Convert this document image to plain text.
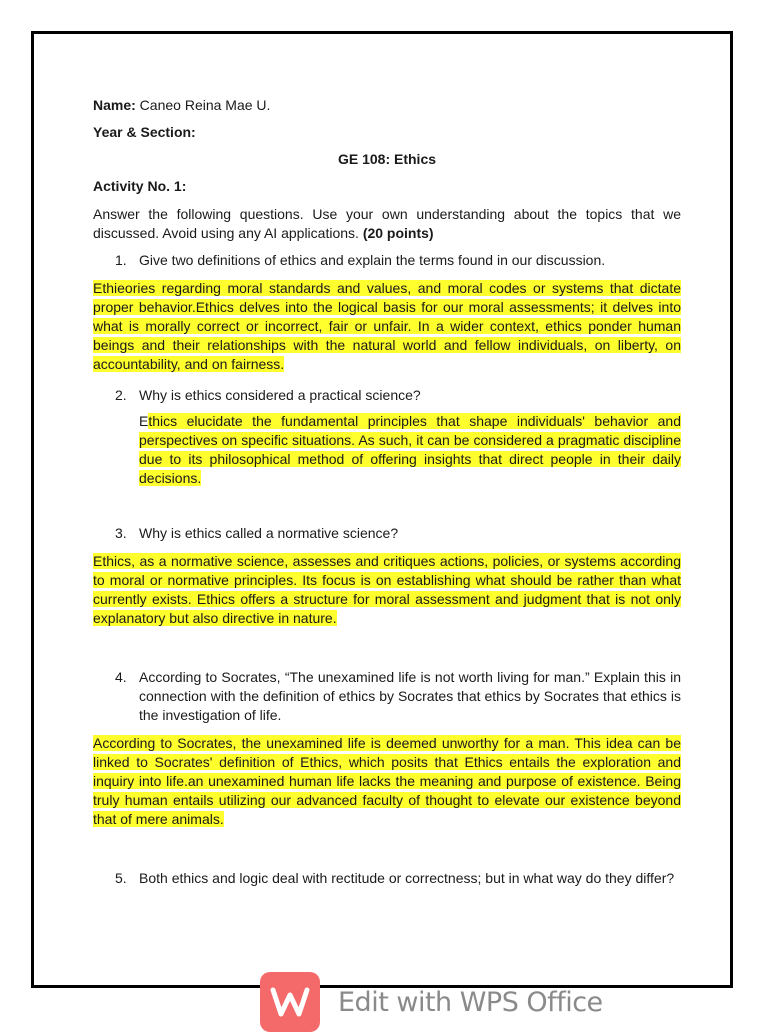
Name: Caneo Reina Mae U.

Year & Section:

GE 108: Ethics

Activity No. 1:

Answer the following questions. Use your own understanding about the topics that we discussed. Avoid using any AI applications. (20 points)

1. Give two definitions of ethics and explain the terms found in our discussion.

Ethieories regarding moral standards and values, and moral codes or systems that dictate proper behavior.Ethics delves into the logical basis for our moral assessments; it delves into what is morally correct or incorrect, fair or unfair. In a wider context, ethics ponder human beings and their relationships with the natural world and fellow individuals, on liberty, on accountability, and on fairness.

2. Why is ethics considered a practical science?

Ethics elucidate the fundamental principles that shape individuals' behavior and perspectives on specific situations. As such, it can be considered a pragmatic discipline due to its philosophical method of offering insights that direct people in their daily decisions.

3. Why is ethics called a normative science?

Ethics, as a normative science, assesses and critiques actions, policies, or systems according to moral or normative principles. Its focus is on establishing what should be rather than what currently exists. Ethics offers a structure for moral assessment and judgment that is not only explanatory but also directive in nature.

4. According to Socrates, “The unexamined life is not worth living for man.” Explain this in connection with the definition of ethics by Socrates that ethics by Socrates that ethics is the investigation of life.

According to Socrates, the unexamined life is deemed unworthy for a man. This idea can be linked to Socrates' definition of Ethics, which posits that Ethics entails the exploration and inquiry into life.an unexamined human life lacks the meaning and purpose of existence. Being truly human entails utilizing our advanced faculty of thought to elevate our existence beyond that of mere animals.

5. Both ethics and logic deal with rectitude or correctness; but in what way do they differ?
Edit with WPS Office
